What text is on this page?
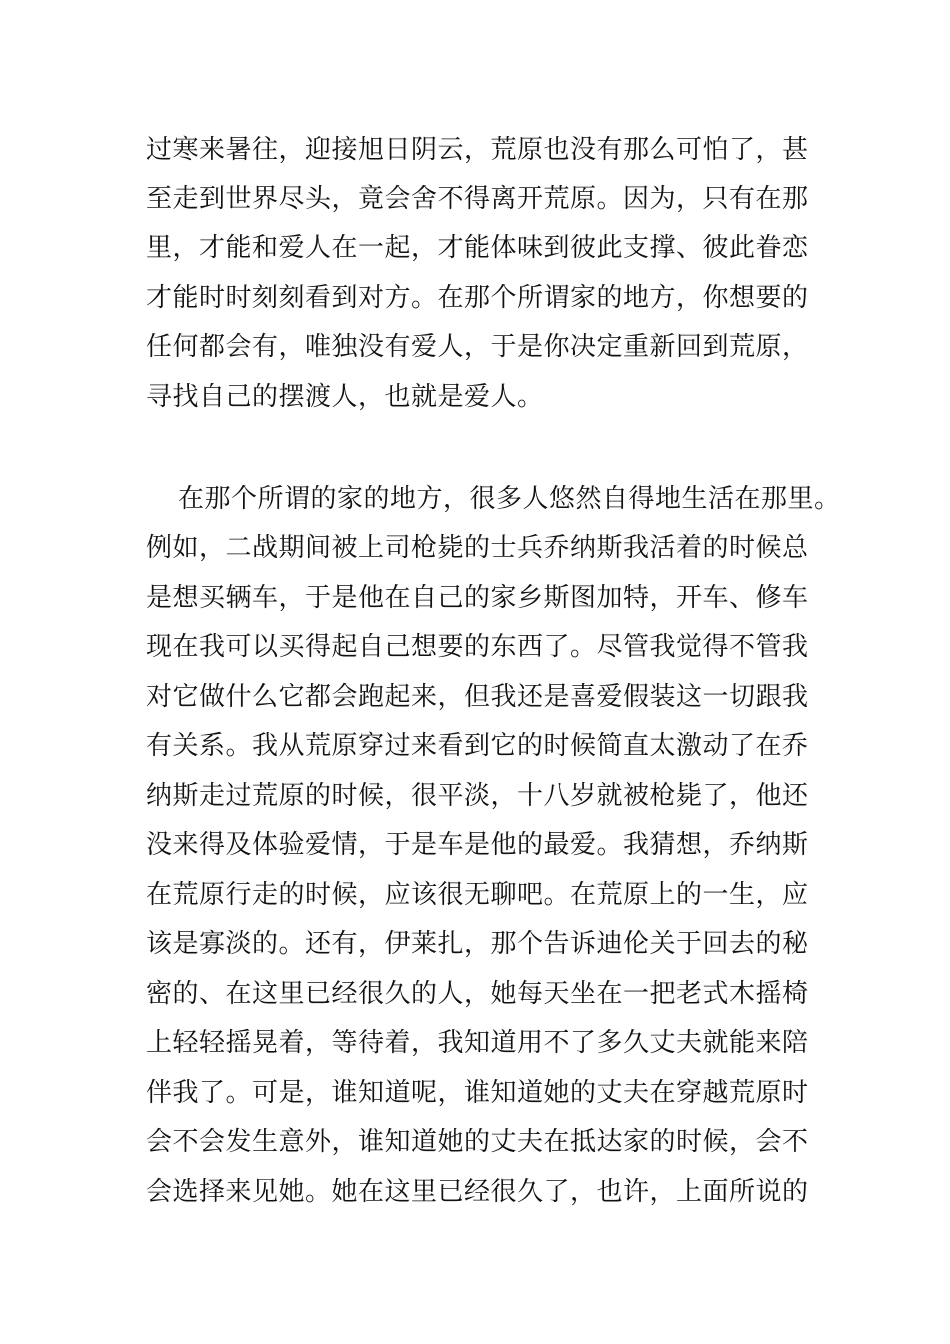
过寒来暑往，迎接旭日阴云，荒原也没有那么可怕了，甚
至走到世界尽头，竟会舍不得离开荒原。因为，只有在那
里，才能和爱人在一起，才能体味到彼此支撑、彼此眷恋
才能时时刻刻看到对方。在那个所谓家的地方，你想要的
任何都会有，唯独没有爱人，于是你决定重新回到荒原，
寻找自己的摆渡人，也就是爱人。
在那个所谓的家的地方，很多人悠然自得地生活在那里。
例如，二战期间被上司枪毙的士兵乔纳斯我活着的时候总
是想买辆车，于是他在自己的家乡斯图加特，开车、修车
现在我可以买得起自己想要的东西了。尽管我觉得不管我
对它做什么它都会跑起来，但我还是喜爱假装这一切跟我
有关系。我从荒原穿过来看到它的时候简直太激动了在乔
纳斯走过荒原的时候，很平淡，十八岁就被枪毙了，他还
没来得及体验爱情，于是车是他的最爱。我猜想，乔纳斯
在荒原行走的时候，应该很无聊吧。在荒原上的一生，应
该是寡淡的。还有，伊莱扎，那个告诉迪伦关于回去的秘
密的、在这里已经很久的人，她每天坐在一把老式木摇椅
上轻轻摇晃着，等待着，我知道用不了多久丈夫就能来陪
伴我了。可是，谁知道呢，谁知道她的丈夫在穿越荒原时
会不会发生意外，谁知道她的丈夫在抵达家的时候，会不
会选择来见她。她在这里已经很久了，也许，上面所说的
